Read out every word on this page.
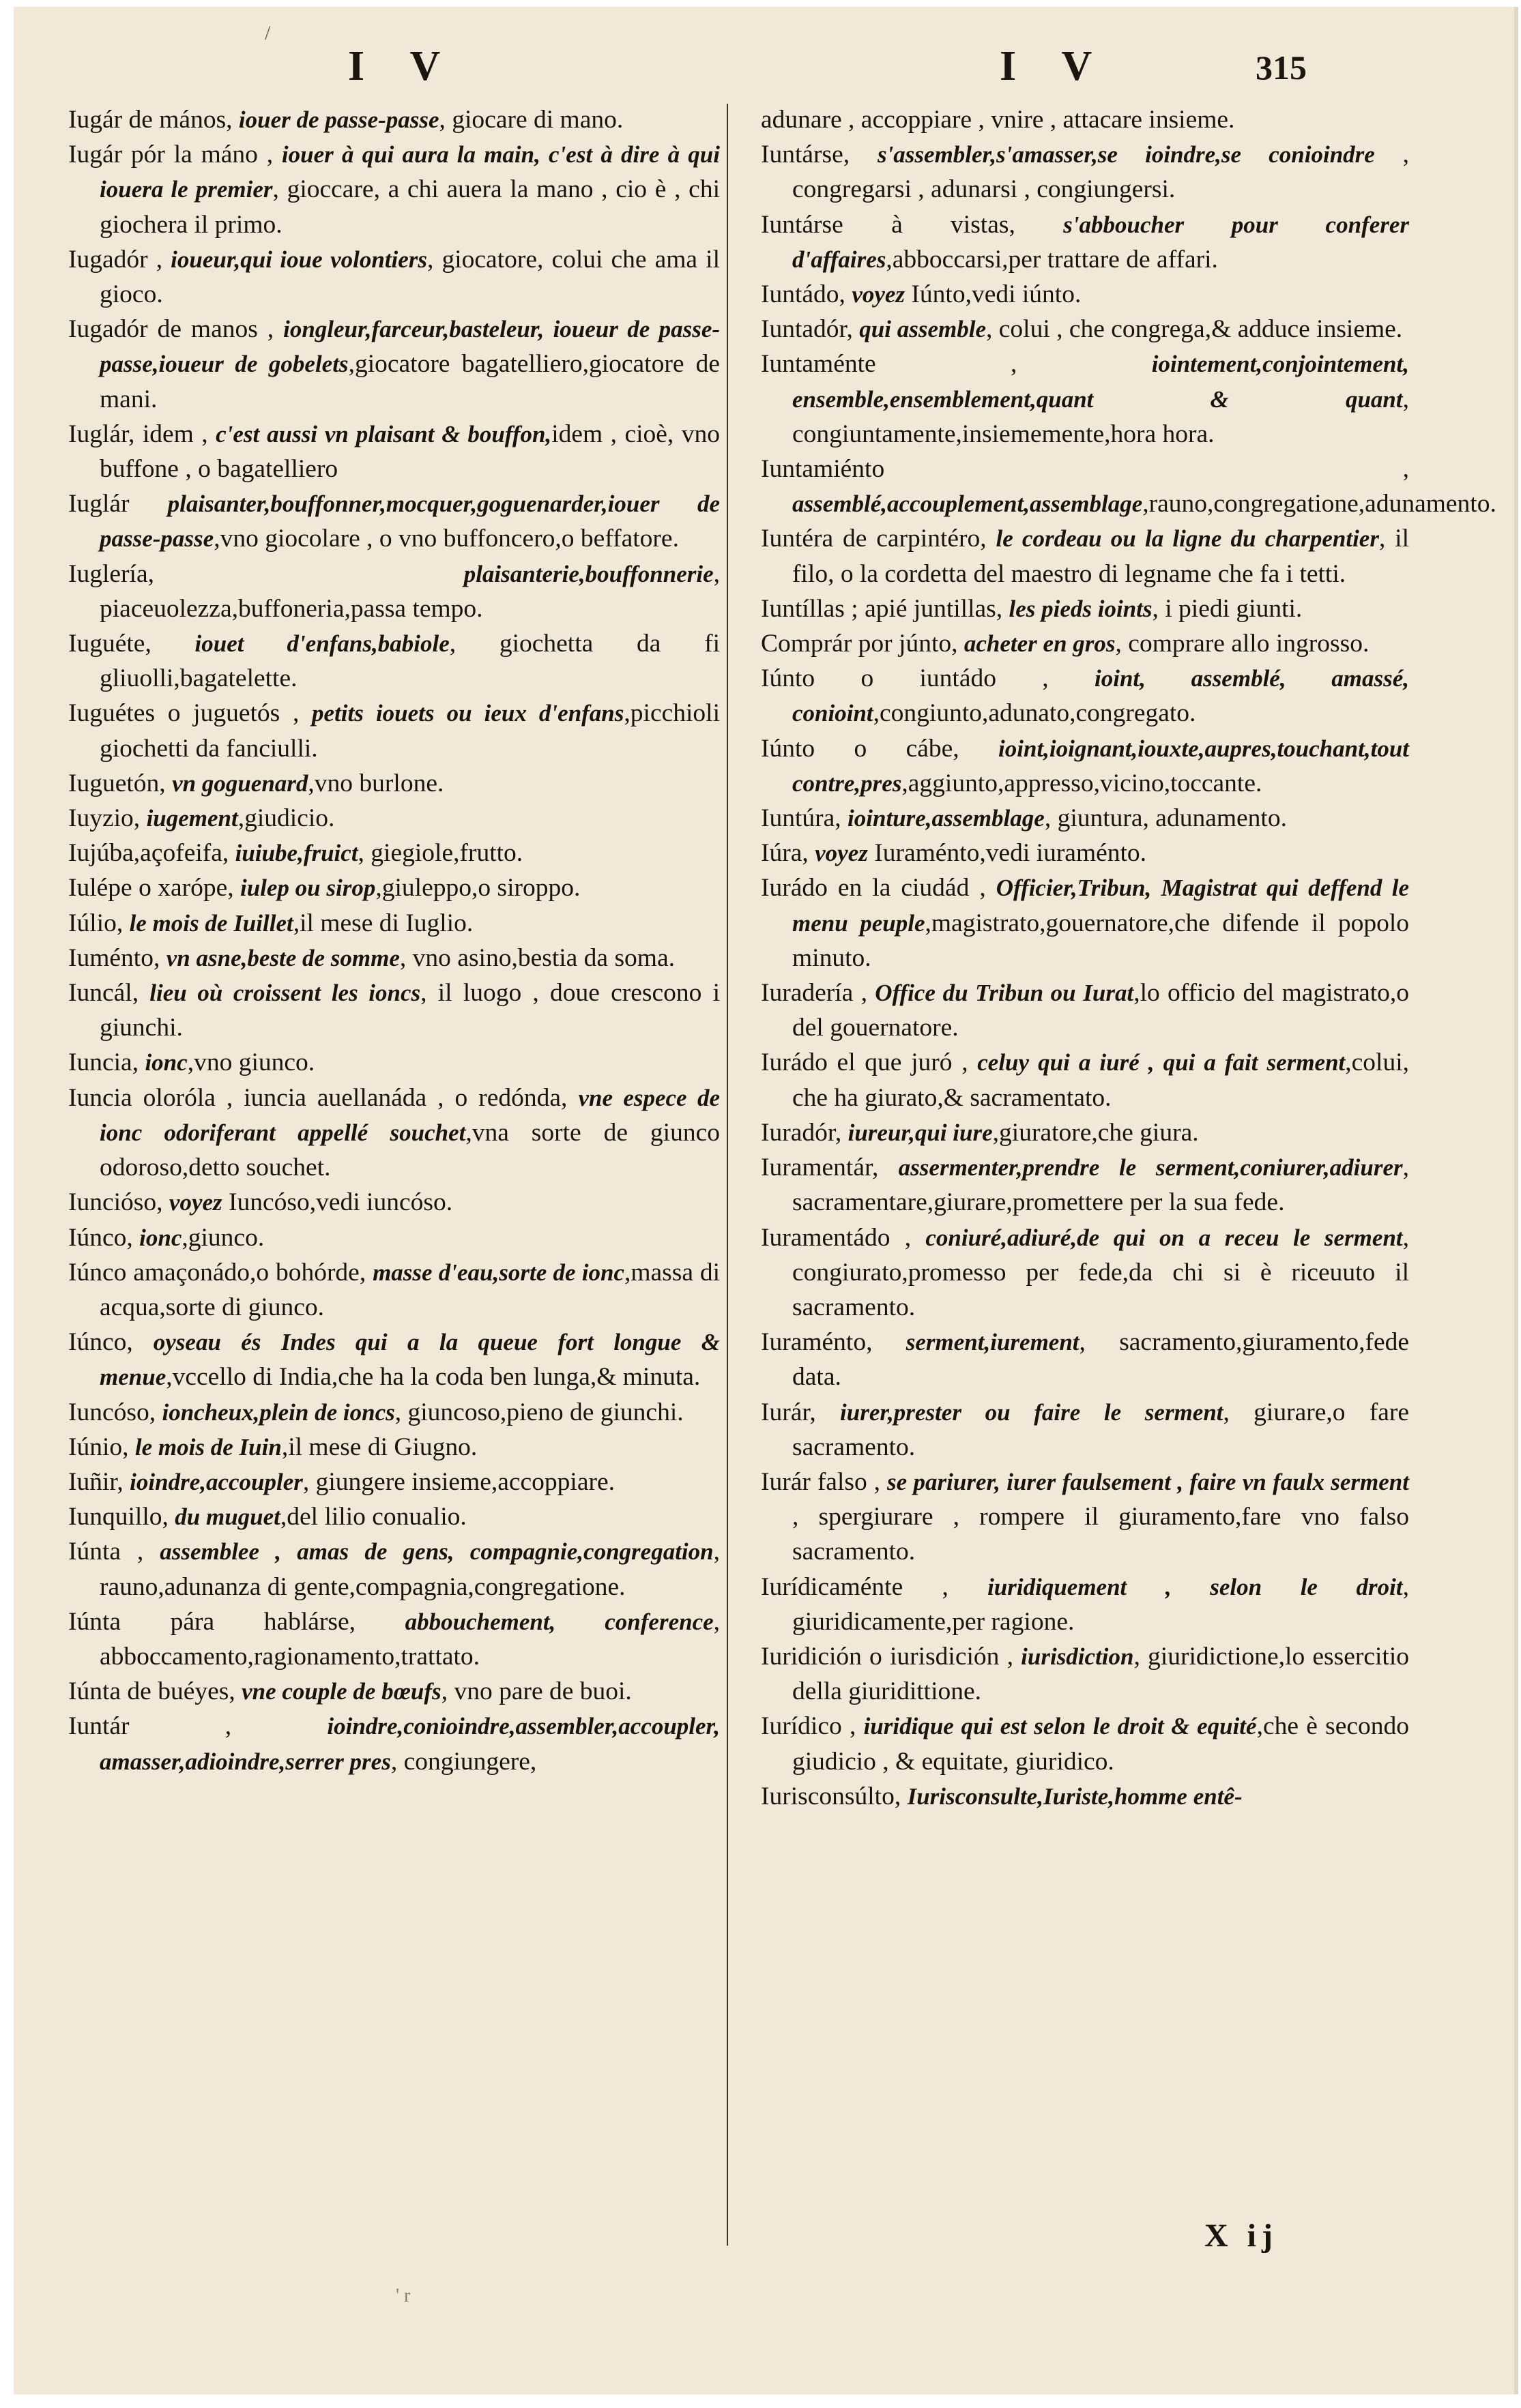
/
I V	I V	315

Iugár de mános, iouer de passe-passe, giocare di mano.

Iugár pór la máno , iouer à qui aura la main, c'est à dire à qui iouera le premier, gioccare, a chi auera la mano , cio è , chi giochera il primo.

Iugadór , ioueur,qui ioue volontiers, giocatore, colui che ama il gioco.

Iugadór de manos , iongleur,farceur,basteleur, ioueur de passe-passe,ioueur de gobelets,giocatore bagatelliero,giocatore de mani.

Iuglár, idem , c'est aussi vn plaisant & bouffon,idem , cioè, vno buffone , o bagatelliero

Iuglár plaisanter,bouffonner,mocquer,goguenarder,iouer de passe-passe,vno giocolare , o vno buffoncero,o beffatore.

Iuglería,	plaisanterie,bouffonnerie, piaceuolezza,buffoneria,passa tempo.

Iuguéte, iouet d'enfans,babiole, giochetta da fi gliuolli,bagatelette.

Iuguétes o juguetós , petits iouets ou ieux d'enfans,picchioli giochetti da fanciulli.

Iuguetón, vn goguenard,vno burlone.

Iuyzio, iugement,giudicio.

Iujúba,açofeifa, iuiube,fruict, giegiole,frutto.

Iulépe o xarópe, iulep ou sirop,giuleppo,o siroppo.

Iúlio, le mois de Iuillet,il mese di Iuglio.

Iuménto, vn asne,beste de somme, vno asino,bestia da soma.

Iuncál, lieu où croissent les ioncs, il luogo , doue crescono i giunchi.

Iuncia, ionc,vno giunco.

Iuncia oloróla , iuncia auellanáda , o redónda, vne espece de ionc odoriferant appellé souchet,vna sorte de giunco odoroso,detto souchet.

Iuncióso, voyez Iuncóso,vedi iuncóso.

Iúnco, ionc,giunco.

Iúnco amaçonádo,o bohórde, masse d'eau,sorte de ionc,massa di acqua,sorte di giunco.

Iúnco, oyseau és Indes qui a la queue fort longue & menue,vccello di India,che ha la coda ben lunga,& minuta.

Iuncóso, ioncheux,plein de ioncs, giuncoso,pieno de giunchi.

Iúnio, le mois de Iuin,il mese di Giugno.

Iuñir, ioindre,accoupler, giungere insieme,accoppiare.

Iunquillo, du muguet,del lilio conualio.

Iúnta , assemblee , amas de gens, compagnie,congregation, rauno,adunanza di gente,compagnia,congregatione.

Iúnta pára hablárse, abbouchement, conference, abboccamento,ragionamento,trattato.

Iúnta de buéyes, vne couple de bœufs, vno pare de buoi.

Iuntár ,	ioindre,conioindre,assembler,accoupler, amasser,adioindre,serrer pres, congiungere,

adunare , accoppiare , vnire , attacare insieme.

Iuntárse, s'assembler,s'amasser,se ioindre,se conioindre , congregarsi , adunarsi , congiungersi.

Iuntárse à vistas, s'abboucher pour conferer d'affaires,abboccarsi,per trattare de affari.

Iuntádo, voyez Iúnto,vedi iúnto.

Iuntadór, qui assemble, colui , che congrega,& adduce insieme.

Iuntaménte ,	iointement,conjointement, ensemble,ensemblement,quant & quant, congiuntamente,insiememente,hora hora.

Iuntamiénto , assemblé,accouplement,assemblage,rauno,congregatione,adunamento.

Iuntéra de carpintéro, le cordeau ou la ligne du charpentier, il filo, o la cordetta del maestro di legname che fa i tetti.

Iuntíllas ; apié juntillas, les pieds ioints, i piedi giunti.

Comprár por júnto, acheter en gros, comprare allo ingrosso.

Iúnto o iuntádo , ioint, assemblé, amassé, conioint,congiunto,adunato,congregato.

Iúnto o cábe, ioint,ioignant,iouxte,aupres,touchant,tout contre,pres,aggiunto,appresso,vicino,toccante.

Iuntúra, iointure,assemblage, giuntura, adunamento.

Iúra, voyez Iuraménto,vedi iuraménto.

Iurádo en la ciudád , Officier,Tribun, Magistrat qui deffend le menu peuple,magistrato,gouernatore,che difende il popolo minuto.

Iuradería , Office du Tribun ou Iurat,lo officio del magistrato,o del gouernatore.

Iurádo el que juró , celuy qui a iuré , qui a fait serment,colui, che ha giurato,& sacramentato.

Iuradór, iureur,qui iure,giuratore,che giura.

Iuramentár, assermenter,prendre le serment,coniurer,adiurer, sacramentare,giurare,promettere per la sua fede.

Iuramentádo , coniuré,adiuré,de qui on a receu le serment, congiurato,promesso per fede,da chi si è riceuuto il sacramento.

Iuraménto, serment,iurement, sacramento,giuramento,fede data.

Iurár, iurer,prester ou faire le serment, giurare,o fare sacramento.

Iurár falso , se pariurer, iurer faulsement , faire vn faulx serment , spergiurare , rompere il giuramento,fare vno falso sacramento.

Iurídicaménte , iuridiquement , selon le droit, giuridicamente,per ragione.

Iuridición o iurisdición , iurisdiction, giuridictione,lo essercitio della giuridittione.

Iurídico , iuridique qui est selon le droit & equité,che è secondo giudicio , & equitate, giuridico.

Iurisconsúlto, Iurisconsulte,Iuriste,homme entê-

X ij
' r
